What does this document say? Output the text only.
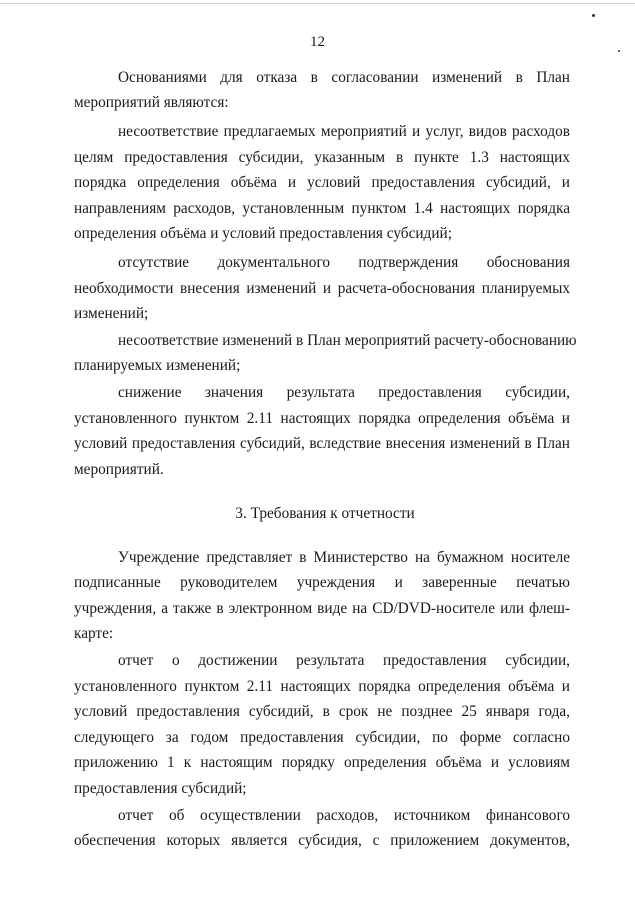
12
Основаниями для отказа в согласовании изменений в План
мероприятий являются:
несоответствие предлагаемых мероприятий и услуг, видов расходов
целям предоставления субсидии, указанным в пункте 1.3 настоящих
порядка определения объёма и условий предоставления субсидий, и
направлениям расходов, установленным пунктом 1.4 настоящих порядка
определения объёма и условий предоставления субсидий;
отсутствие документального подтверждения обоснования
необходимости внесения изменений и расчета-обоснования планируемых
изменений;
несоответствие изменений в План мероприятий расчету-обоснованию
планируемых изменений;
снижение значения результата предоставления субсидии,
установленного пунктом 2.11 настоящих порядка определения объёма и
условий предоставления субсидий, вследствие внесения изменений в План
мероприятий.
3. Требования к отчетности
Учреждение представляет в Министерство на бумажном носителе
подписанные руководителем учреждения и заверенные печатью
учреждения, а также в электронном виде на CD/DVD-носителе или флеш-
карте:
отчет о достижении результата предоставления субсидии,
установленного пунктом 2.11 настоящих порядка определения объёма и
условий предоставления субсидий, в срок не позднее 25 января года,
следующего за годом предоставления субсидии, по форме согласно
приложению 1 к настоящим порядку определения объёма и условиям
предоставления субсидий;
отчет об осуществлении расходов, источником финансового
обеспечения которых является субсидия, с приложением документов,
